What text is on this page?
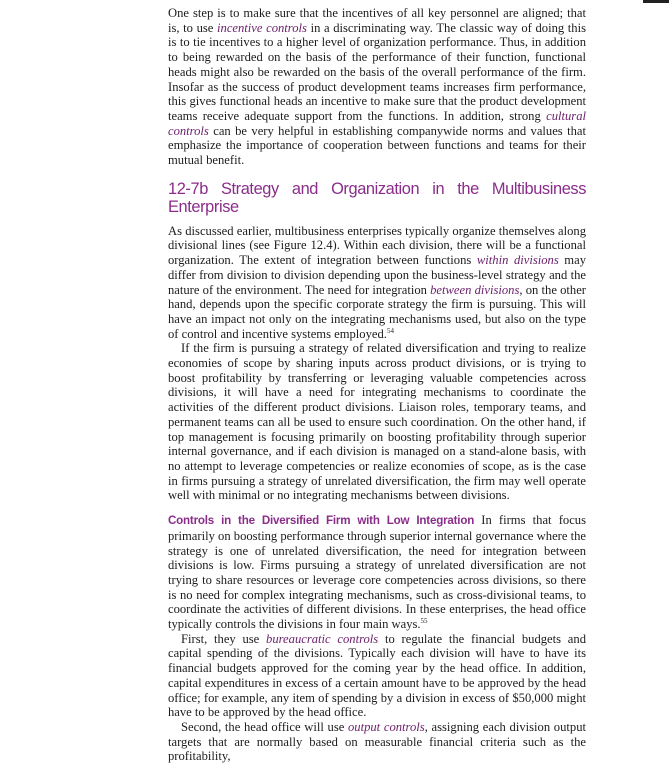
One step is to make sure that the incentives of all key personnel are aligned; that is, to use incentive controls in a discriminating way. The classic way of doing this is to tie incentives to a higher level of organization performance. Thus, in addition to being rewarded on the basis of the performance of their function, functional heads might also be rewarded on the basis of the overall performance of the firm. Insofar as the success of product development teams increases firm performance, this gives functional heads an incentive to make sure that the product development teams receive adequate support from the functions. In addition, strong cultural controls can be very helpful in establishing companywide norms and values that emphasize the importance of cooperation between functions and teams for their mutual benefit.

12-7b Strategy and Organization in the Multibusiness Enterprise

As discussed earlier, multibusiness enterprises typically organize themselves along divisional lines (see Figure 12.4). Within each division, there will be a functional organization. The extent of integration between functions within divisions may differ from division to division depending upon the business-level strategy and the nature of the environment. The need for integration between divisions, on the other hand, depends upon the specific corporate strategy the firm is pursuing. This will have an impact not only on the integrating mechanisms used, but also on the type of control and incentive systems employed.$^{54}$

If the firm is pursuing a strategy of related diversification and trying to realize economies of scope by sharing inputs across product divisions, or is trying to boost profitability by transferring or leveraging valuable competencies across divisions, it will have a need for integrating mechanisms to coordinate the activities of the different product divisions. Liaison roles, temporary teams, and permanent teams can all be used to ensure such coordination. On the other hand, if top management is focusing primarily on boosting profitability through superior internal governance, and if each division is managed on a stand-alone basis, with no attempt to leverage competencies or realize economies of scope, as is the case in firms pursuing a strategy of unrelated diversification, the firm may well operate well with minimal or no integrating mechanisms between divisions.

Controls in the Diversified Firm with Low Integration In firms that focus primarily on boosting performance through superior internal governance where the strategy is one of unrelated diversification, the need for integration between divisions is low. Firms pursuing a strategy of unrelated diversification are not trying to share resources or leverage core competencies across divisions, so there is no need for complex integrating mechanisms, such as cross-divisional teams, to coordinate the activities of different divisions. In these enterprises, the head office typically controls the divisions in four main ways.$^{55}$

First, they use bureaucratic controls to regulate the financial budgets and capital spending of the divisions. Typically each division will have to have its financial budgets approved for the coming year by the head office. In addition, capital expenditures in excess of a certain amount have to be approved by the head office; for example, any item of spending by a division in excess of $50,000 might have to be approved by the head office.

Second, the head office will use output controls, assigning each division output targets that are normally based on measurable financial criteria such as the profitability,
